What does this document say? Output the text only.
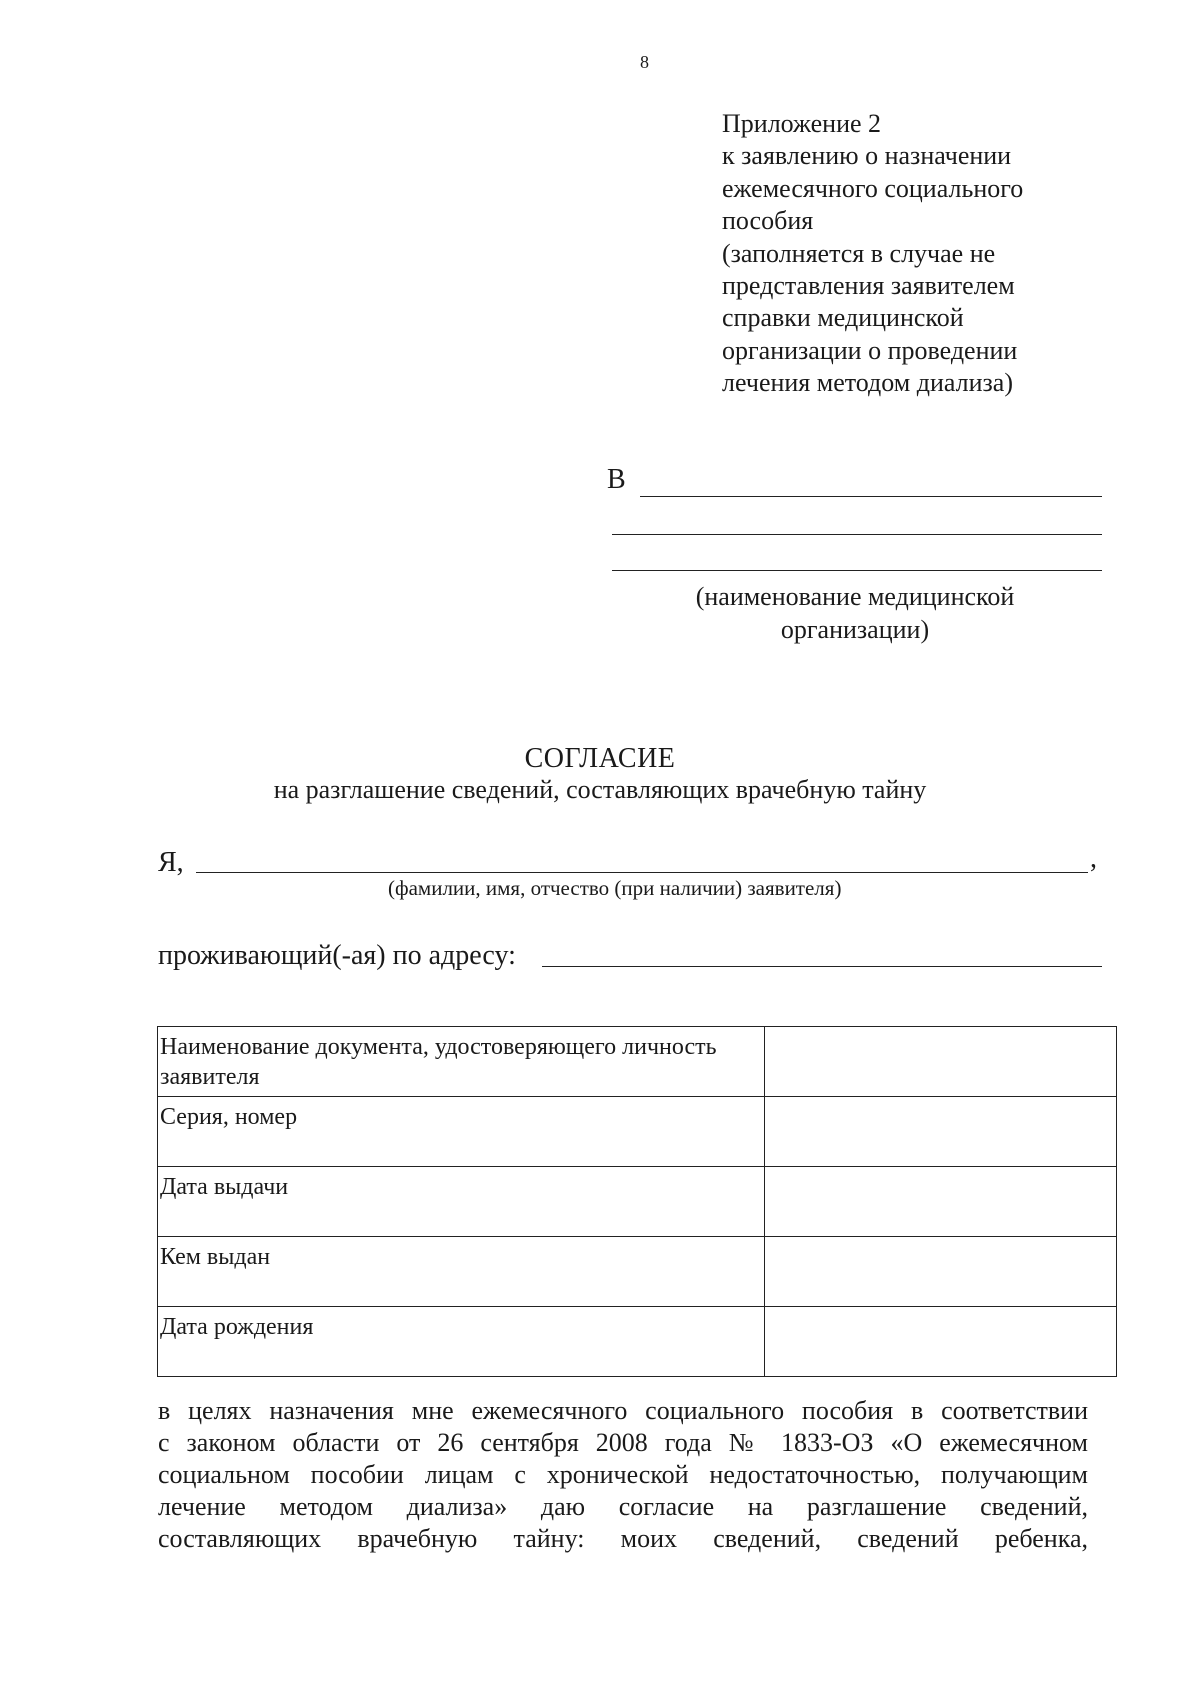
8
Приложение 2
к заявлению о назначении
ежемесячного социального
пособия
(заполняется в случае не
представления заявителем
справки медицинской
организации о проведении
лечения методом диализа)
В
(наименование медицинской
организации)
СОГЛАСИЕ
на разглашение сведений, составляющих врачебную тайну
Я,	,
(фамилии, имя, отчество (при наличии) заявителя)
проживающий(-ая) по адресу:
Наименование документа, удостоверяющего личность заявителя	
Серия, номер	
Дата выдачи	
Кем выдан	
Дата рождения	
в целях назначения мне ежемесячного социального пособия в соответствии
с законом области от 26 сентября 2008 года № 1833-ОЗ «О ежемесячном
социальном пособии лицам с хронической недостаточностью, получающим
лечение методом диализа» даю согласие на разглашение сведений,
составляющих врачебную тайну: моих сведений, сведений ребенка,
